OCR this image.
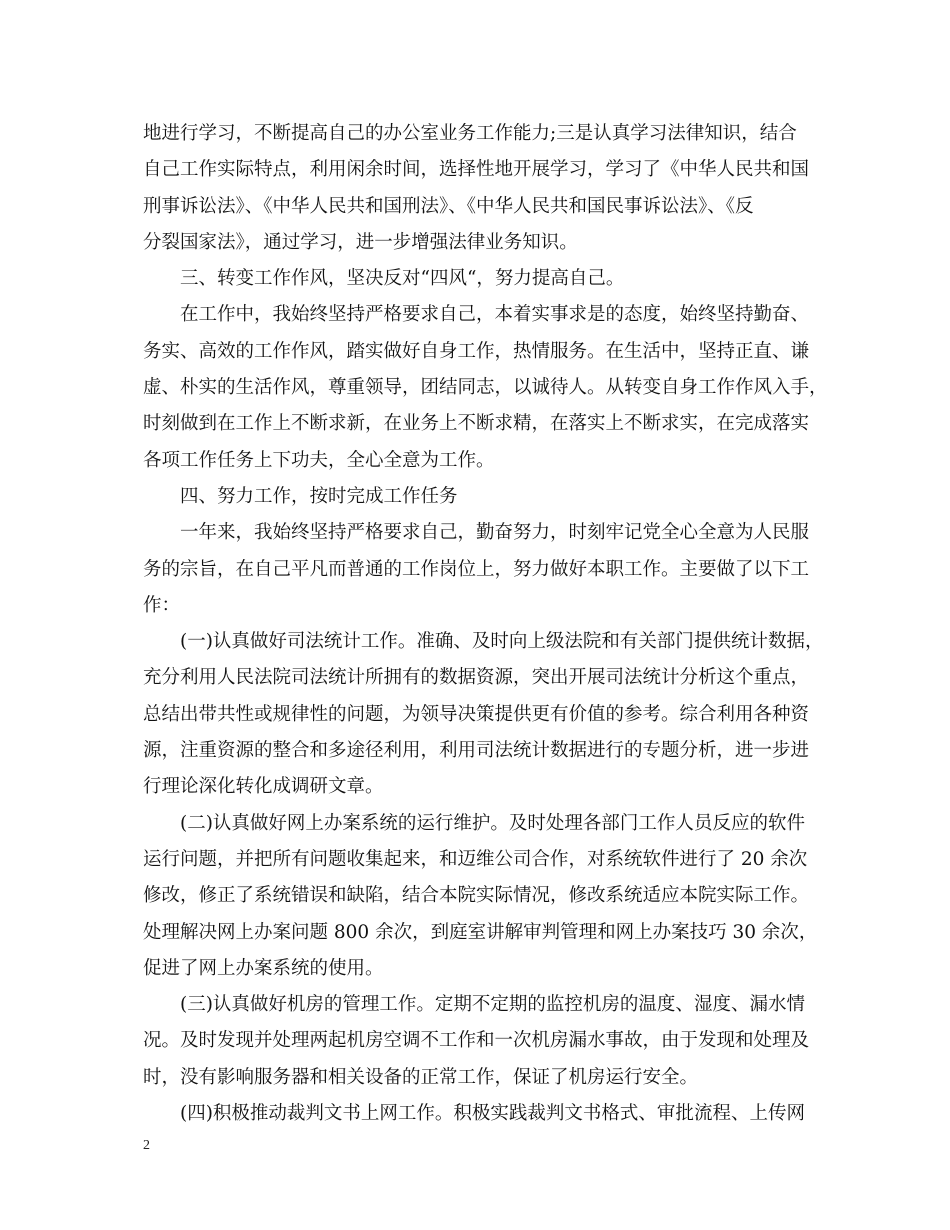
地进行学习，不断提高自己的办公室业务工作能力;三是认真学习法律知识，结合
自己工作实际特点，利用闲余时间，选择性地开展学习，学习了《中华人民共和国
刑事诉讼法》、《中华人民共和国刑法》、《中华人民共和国民事诉讼法》、《反
分裂国家法》，通过学习，进一步增强法律业务知识。
三、转变工作作风，坚决反对“四风“，努力提高自己。
在工作中，我始终坚持严格要求自己，本着实事求是的态度，始终坚持勤奋、
务实、高效的工作作风，踏实做好自身工作，热情服务。在生活中，坚持正直、谦
虚、朴实的生活作风，尊重领导，团结同志，以诚待人。从转变自身工作作风入手，
时刻做到在工作上不断求新，在业务上不断求精，在落实上不断求实，在完成落实
各项工作任务上下功夫，全心全意为工作。
四、努力工作，按时完成工作任务
一年来，我始终坚持严格要求自己，勤奋努力，时刻牢记党全心全意为人民服
务的宗旨，在自己平凡而普通的工作岗位上，努力做好本职工作。主要做了以下工
作：
(一)认真做好司法统计工作。准确、及时向上级法院和有关部门提供统计数据，
充分利用人民法院司法统计所拥有的数据资源，突出开展司法统计分析这个重点，
总结出带共性或规律性的问题，为领导决策提供更有价值的参考。综合利用各种资
源，注重资源的整合和多途径利用，利用司法统计数据进行的专题分析，进一步进
行理论深化转化成调研文章。
(二)认真做好网上办案系统的运行维护。及时处理各部门工作人员反应的软件
运行问题，并把所有问题收集起来，和迈维公司合作，对系统软件进行了 20 余次
修改，修正了系统错误和缺陷，结合本院实际情况，修改系统适应本院实际工作。
处理解决网上办案问题 800 余次，到庭室讲解审判管理和网上办案技巧 30 余次，
促进了网上办案系统的使用。
(三)认真做好机房的管理工作。定期不定期的监控机房的温度、湿度、漏水情
况。及时发现并处理两起机房空调不工作和一次机房漏水事故，由于发现和处理及
时，没有影响服务器和相关设备的正常工作，保证了机房运行安全。
(四)积极推动裁判文书上网工作。积极实践裁判文书格式、审批流程、上传网
2
